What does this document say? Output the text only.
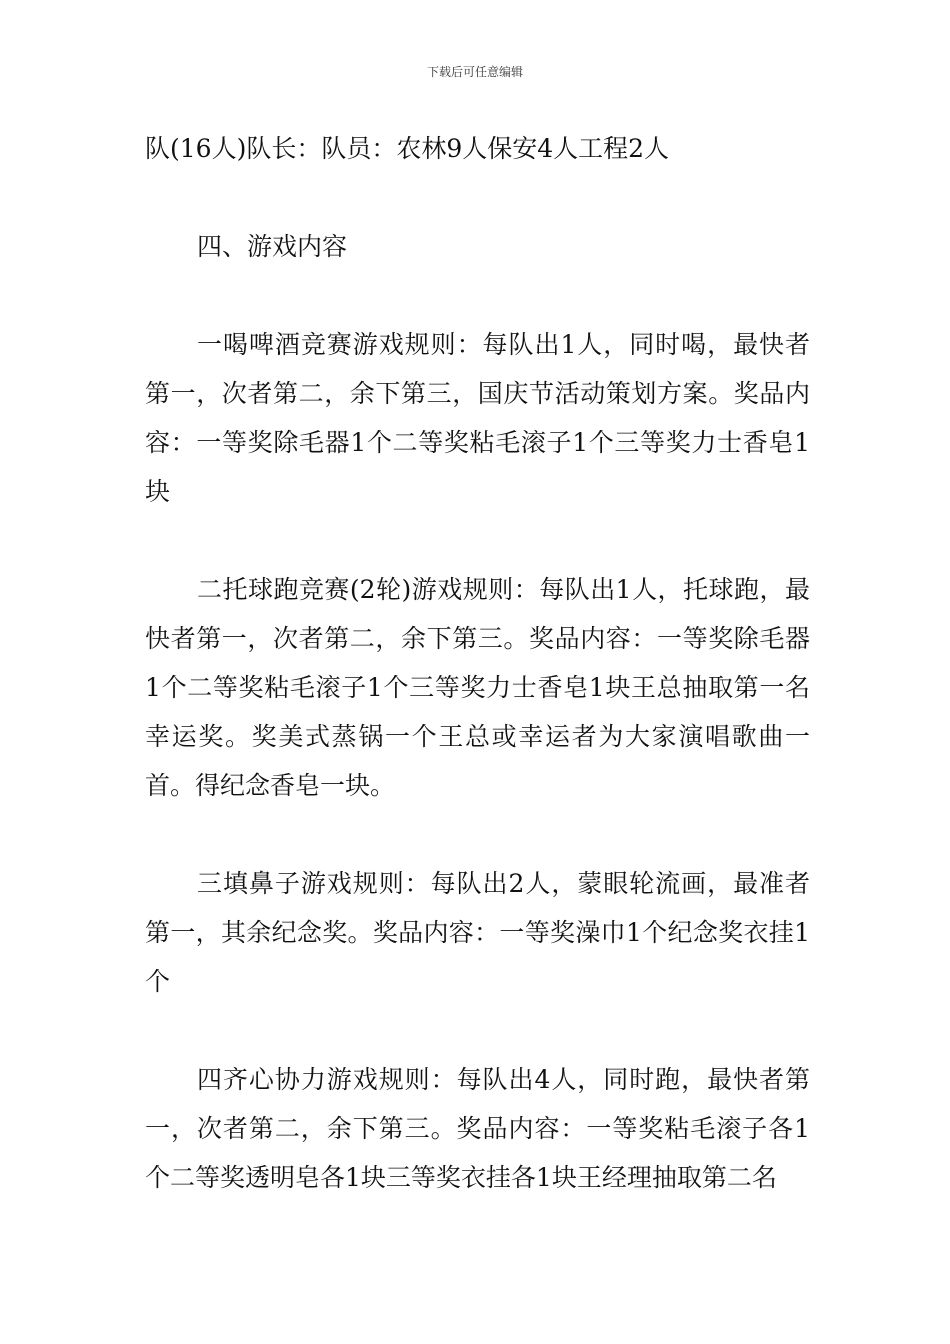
下载后可任意编辑

队(16人)队长：队员：农林9人保安4人工程2人

四、游戏内容

一喝啤酒竞赛游戏规则：每队出1人，同时喝，最快者第一，次者第二，余下第三，国庆节活动策划方案。奖品内容：一等奖除毛器1个二等奖粘毛滚子1个三等奖力士香皂1块

二托球跑竞赛(2轮)游戏规则：每队出1人，托球跑，最快者第一，次者第二，余下第三。奖品内容：一等奖除毛器1个二等奖粘毛滚子1个三等奖力士香皂1块王总抽取第一名幸运奖。奖美式蒸锅一个王总或幸运者为大家演唱歌曲一首。得纪念香皂一块。

三填鼻子游戏规则：每队出2人，蒙眼轮流画，最准者第一，其余纪念奖。奖品内容：一等奖澡巾1个纪念奖衣挂1个

四齐心协力游戏规则：每队出4人，同时跑，最快者第一，次者第二，余下第三。奖品内容：一等奖粘毛滚子各1个二等奖透明皂各1块三等奖衣挂各1块王经理抽取第二名
